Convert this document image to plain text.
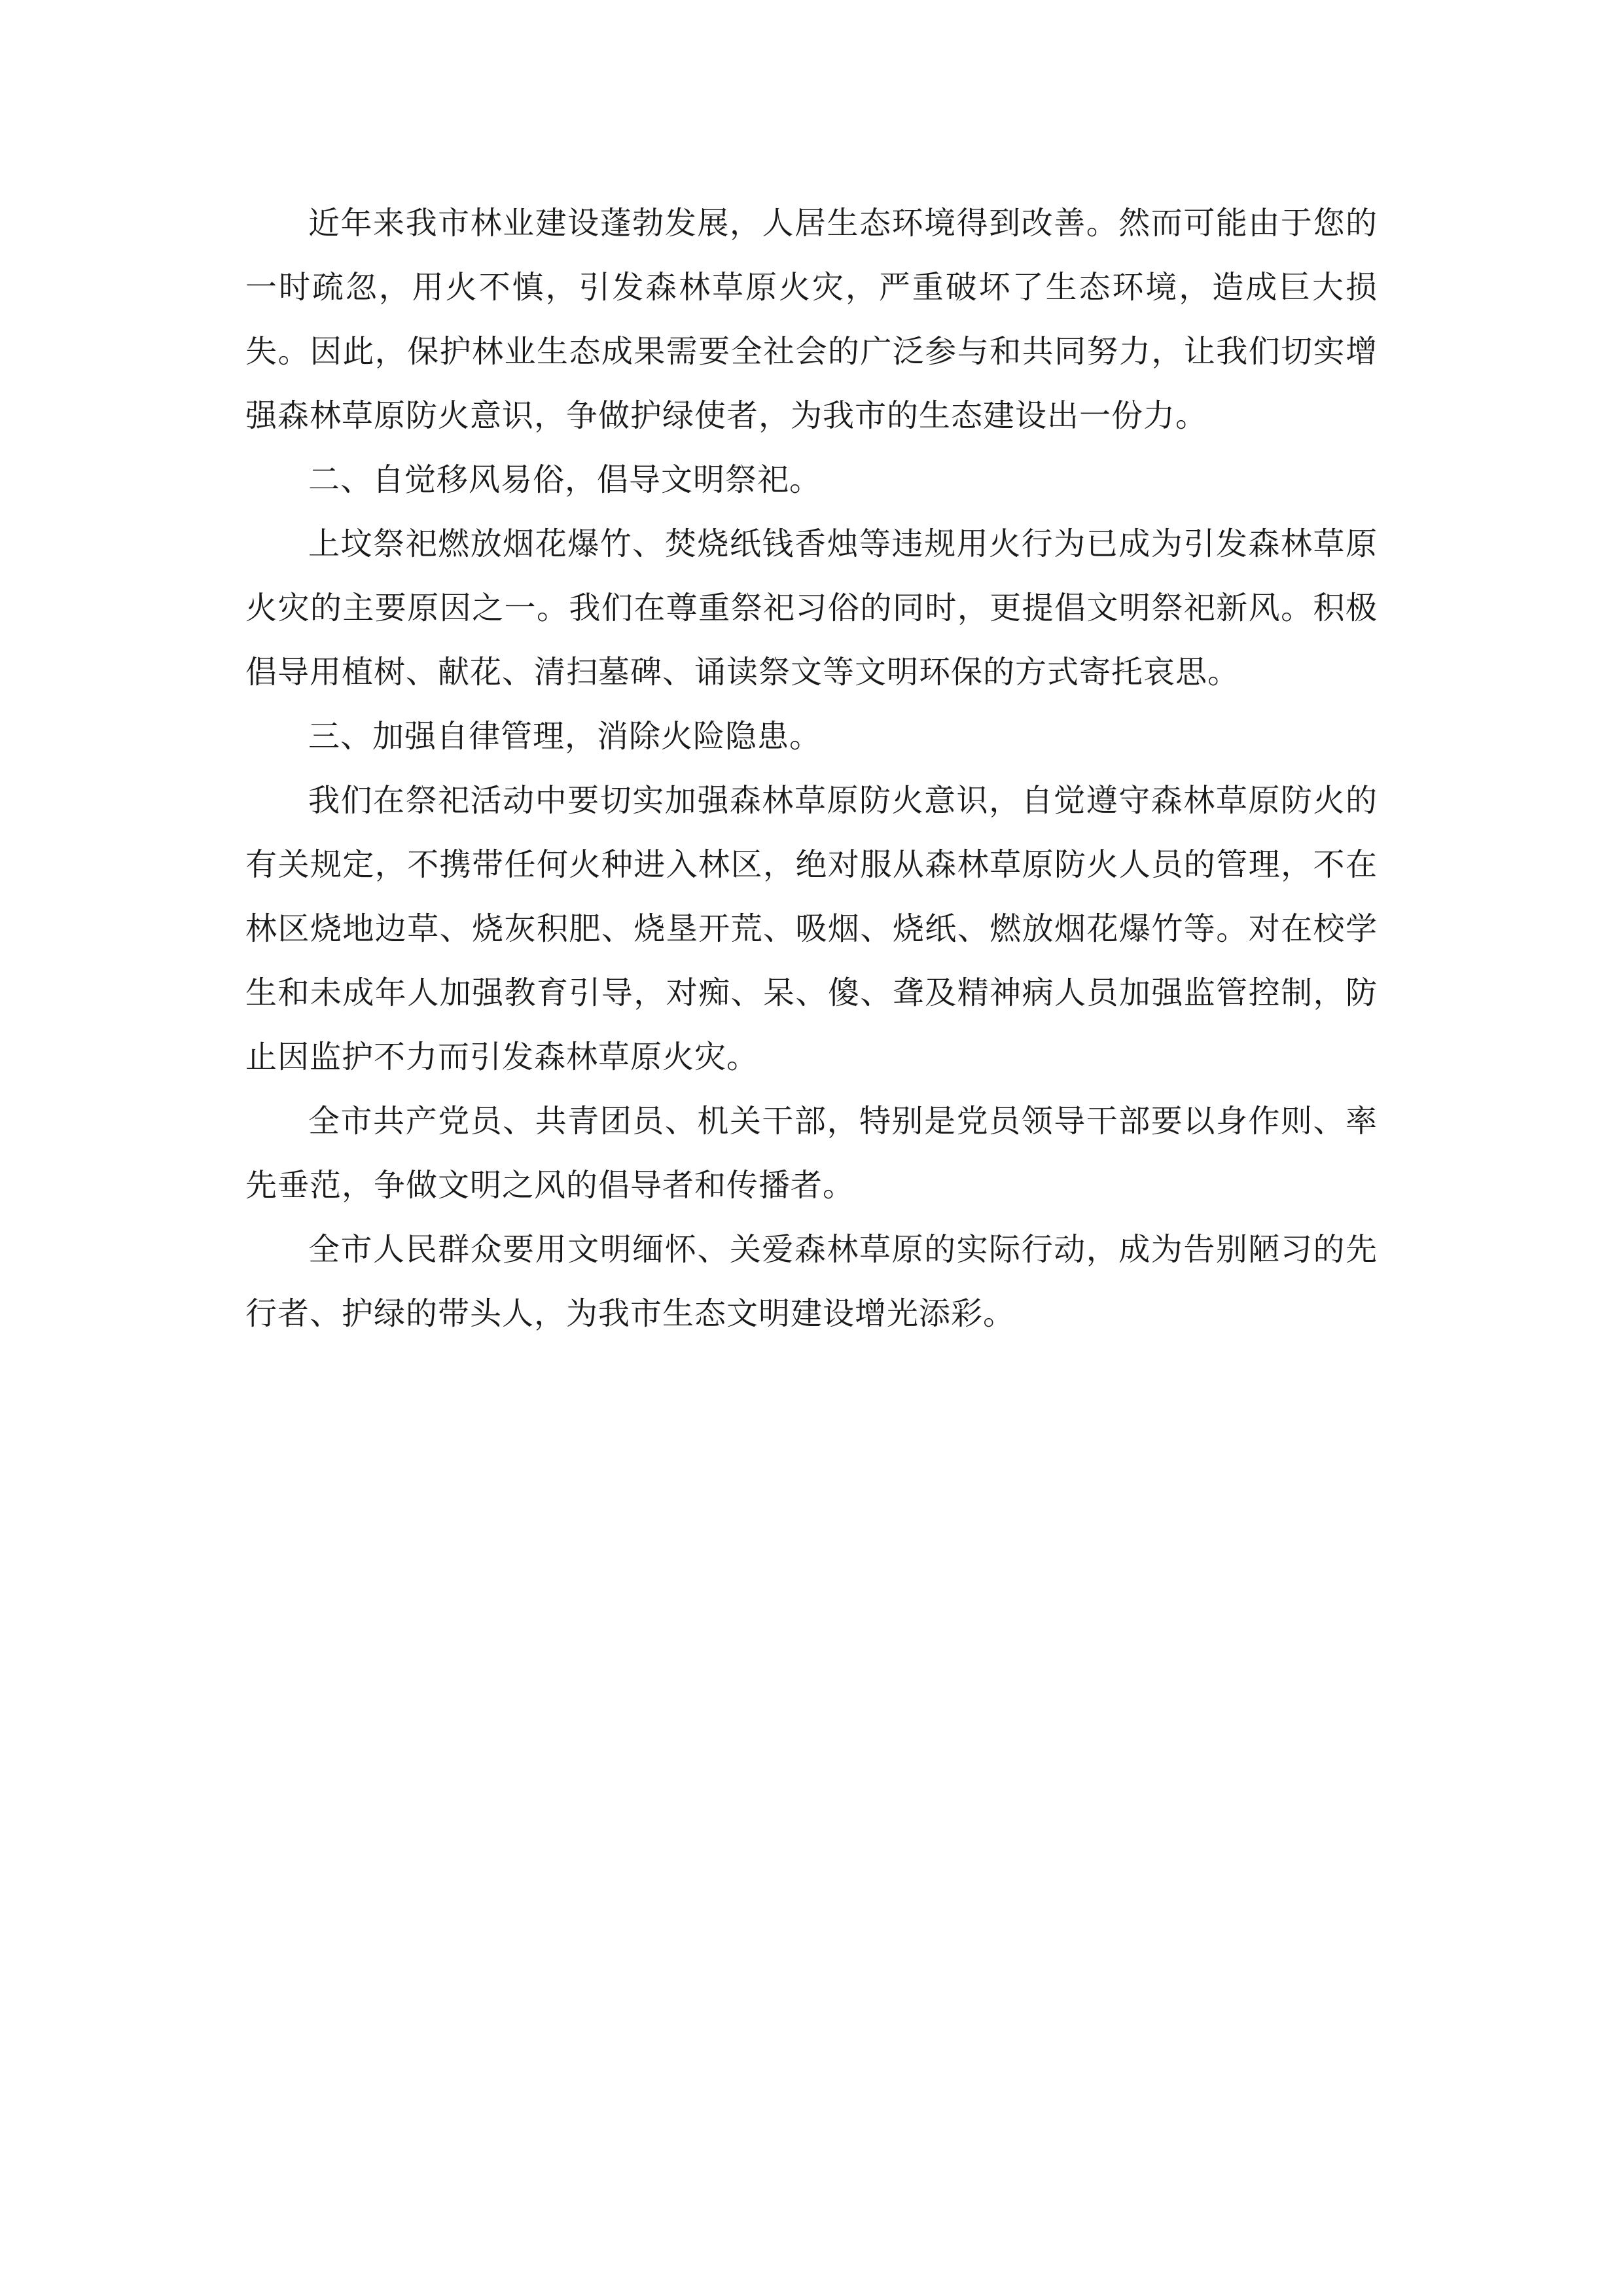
近年来我市林业建设蓬勃发展，人居生态环境得到改善。然而可能由于您的一时疏忽，用火不慎，引发森林草原火灾，严重破坏了生态环境，造成巨大损失。因此，保护林业生态成果需要全社会的广泛参与和共同努力，让我们切实增强森林草原防火意识，争做护绿使者，为我市的生态建设出一份力。

二、自觉移风易俗，倡导文明祭祀。

上坟祭祀燃放烟花爆竹、焚烧纸钱香烛等违规用火行为已成为引发森林草原火灾的主要原因之一。我们在尊重祭祀习俗的同时，更提倡文明祭祀新风。积极倡导用植树、献花、清扫墓碑、诵读祭文等文明环保的方式寄托哀思。

三、加强自律管理，消除火险隐患。

我们在祭祀活动中要切实加强森林草原防火意识，自觉遵守森林草原防火的有关规定，不携带任何火种进入林区，绝对服从森林草原防火人员的管理，不在林区烧地边草、烧灰积肥、烧垦开荒、吸烟、烧纸、燃放烟花爆竹等。对在校学生和未成年人加强教育引导，对痴、呆、傻、聋及精神病人员加强监管控制，防止因监护不力而引发森林草原火灾。

全市共产党员、共青团员、机关干部，特别是党员领导干部要以身作则、率先垂范，争做文明之风的倡导者和传播者。

全市人民群众要用文明缅怀、关爱森林草原的实际行动，成为告别陋习的先行者、护绿的带头人，为我市生态文明建设增光添彩。
